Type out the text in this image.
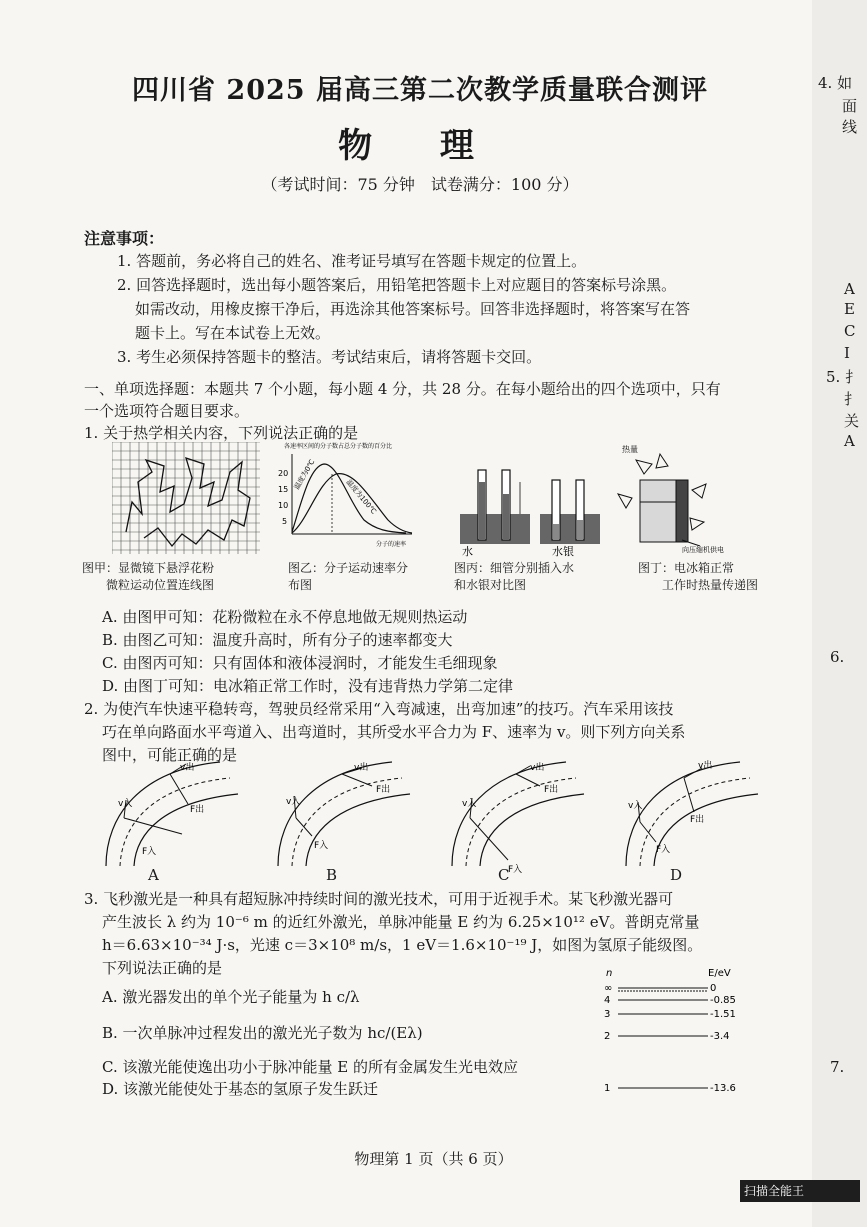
四川省 2025 届高三第二次教学质量联合测评
物 理
（考试时间：75 分钟　试卷满分：100 分）
注意事项：
1. 答题前，务必将自己的姓名、准考证号填写在答题卡规定的位置上。
2. 回答选择题时，选出每小题答案后，用铅笔把答题卡上对应题目的答案标号涂黑。
如需改动，用橡皮擦干净后，再选涂其他答案标号。回答非选择题时，将答案写在答
题卡上。写在本试卷上无效。
3. 考生必须保持答题卡的整洁。考试结束后，请将答题卡交回。
一、单项选择题：本题共 7 个小题，每小题 4 分，共 28 分。在每小题给出的四个选项中，只有
一个选项符合题目要求。
1. 关于热学相关内容，下列说法正确的是
各速率区间的分子数占总分子数的百分比
20
15
10
5
温度为0℃
温度为100℃
分子的速率
水	水银
热量
向压缩机供电
图甲：显微镜下悬浮花粉
微粒运动位置连线图
图乙：分子运动速率分
布图
图丙：细管分别插入水
和水银对比图
图丁：电冰箱正常
工作时热量传递图
A. 由图甲可知：花粉微粒在永不停息地做无规则热运动
B. 由图乙可知：温度升高时，所有分子的速率都变大
C. 由图丙可知：只有固体和液体浸润时，才能发生毛细现象
D. 由图丁可知：电冰箱正常工作时，没有违背热力学第二定律
2. 为使汽车快速平稳转弯，驾驶员经常采用“入弯减速，出弯加速”的技巧。汽车采用该技
巧在单向路面水平弯道入、出弯道时，其所受水平合力为 F、速率为 v。则下列方向关系
图中，可能正确的是
v出
F出
v入
F入
v出
F出
v入
F入
v出
F出
v入
F入
v出
F出
v入
F入
A	B	C	D
3. 飞秒激光是一种具有超短脉冲持续时间的激光技术，可用于近视手术。某飞秒激光器可
产生波长 λ 约为 10⁻⁶ m 的近红外激光，单脉冲能量 E 约为 6.25×10¹² eV。普朗克常量
h＝6.63×10⁻³⁴ J·s，光速 c＝3×10⁸ m/s，1 eV＝1.6×10⁻¹⁹ J，如图为氢原子能级图。
下列说法正确的是
A. 激光器发出的单个光子能量为 h c/λ
B. 一次单脉冲过程发出的激光光子数为 hc/(Eλ)
C. 该激光能使逸出功小于脉冲能量 E 的所有金属发生光电效应
D. 该激光能使处于基态的氢原子发生跃迁
n	E/eV
∞	0
4	-0.85
3	-1.51
2	-3.4
1	-13.6
物理第 1 页（共 6 页）
4. 如
面
线
A
E
C
I
5. 扌
扌
关
A
6.
7.
扫描全能王
